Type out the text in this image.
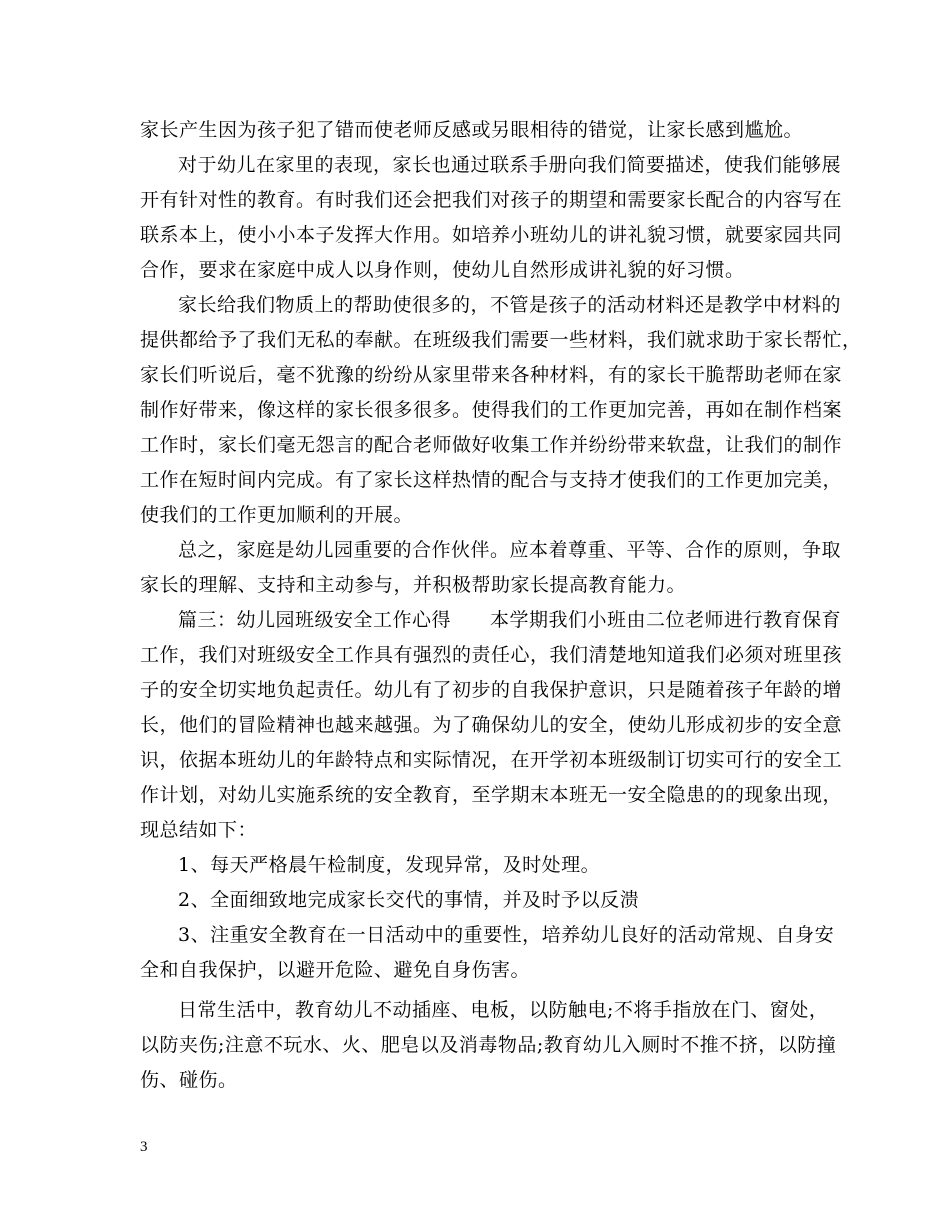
家长产生因为孩子犯了错而使老师反感或另眼相待的错觉，让家长感到尴尬。
对于幼儿在家里的表现，家长也通过联系手册向我们简要描述，使我们能够展
开有针对性的教育。有时我们还会把我们对孩子的期望和需要家长配合的内容写在
联系本上，使小小本子发挥大作用。如培养小班幼儿的讲礼貌习惯，就要家园共同
合作，要求在家庭中成人以身作则，使幼儿自然形成讲礼貌的好习惯。
家长给我们物质上的帮助使很多的，不管是孩子的活动材料还是教学中材料的
提供都给予了我们无私的奉献。在班级我们需要一些材料，我们就求助于家长帮忙，
家长们听说后，毫不犹豫的纷纷从家里带来各种材料，有的家长干脆帮助老师在家
制作好带来，像这样的家长很多很多。使得我们的工作更加完善，再如在制作档案
工作时，家长们毫无怨言的配合老师做好收集工作并纷纷带来软盘，让我们的制作
工作在短时间内完成。有了家长这样热情的配合与支持才使我们的工作更加完美，
使我们的工作更加顺利的开展。
总之，家庭是幼儿园重要的合作伙伴。应本着尊重、平等、合作的原则，争取
家长的理解、支持和主动参与，并积极帮助家长提高教育能力。
篇三：幼儿园班级安全工作心得　　本学期我们小班由二位老师进行教育保育
工作，我们对班级安全工作具有强烈的责任心，我们清楚地知道我们必须对班里孩
子的安全切实地负起责任。幼儿有了初步的自我保护意识，只是随着孩子年龄的增
长，他们的冒险精神也越来越强。为了确保幼儿的安全，使幼儿形成初步的安全意
识，依据本班幼儿的年龄特点和实际情况，在开学初本班级制订切实可行的安全工
作计划，对幼儿实施系统的安全教育，至学期末本班无一安全隐患的的现象出现，
现总结如下：
1、每天严格晨午检制度，发现异常，及时处理。
2、全面细致地完成家长交代的事情，并及时予以反溃
3、注重安全教育在一日活动中的重要性，培养幼儿良好的活动常规、自身安
全和自我保护，以避开危险、避免自身伤害。
日常生活中，教育幼儿不动插座、电板，以防触电;不将手指放在门、窗处，
以防夹伤;注意不玩水、火、肥皂以及消毒物品;教育幼儿入厕时不推不挤，以防撞
伤、碰伤。
3
